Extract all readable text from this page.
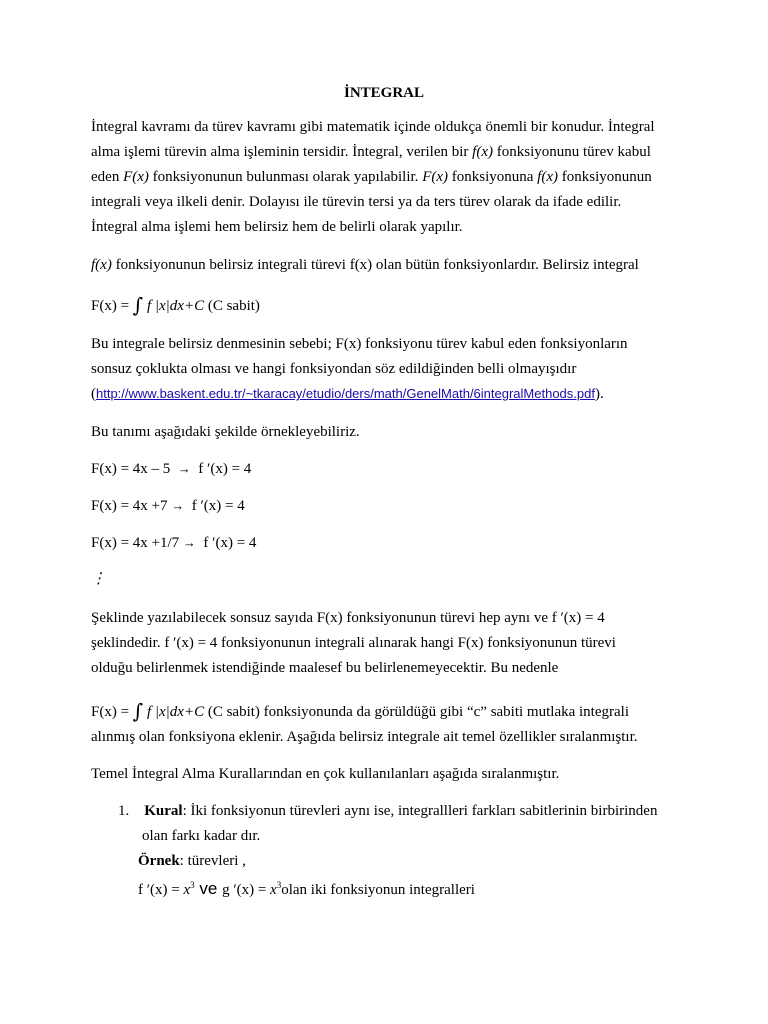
İNTEGRAL
İntegral kavramı da türev kavramı gibi matematik içinde oldukça önemli bir konudur. İntegral
alma işlemi türevin alma işleminin tersidir. İntegral, verilen bir f(x) fonksiyonunu türev kabul
eden F(x) fonksiyonunun bulunması olarak yapılabilir. F(x) fonksiyonuna f(x) fonksiyonunun
integrali veya ilkeli denir. Dolayısı ile türevin tersi ya da ters türev olarak da ifade edilir.
İntegral alma işlemi hem belirsiz hem de belirli olarak yapılır.
f(x) fonksiyonunun belirsiz integrali türevi f(x) olan bütün fonksiyonlardır. Belirsiz integral
F(x) = ∫ f |x|dx+C (C sabit)
Bu integrale belirsiz denmesinin sebebi; F(x) fonksiyonu türev kabul eden fonksiyonların
sonsuz çoklukta olması ve hangi fonksiyondan söz edildiğinden belli olmayışıdır
(http://www.baskent.edu.tr/~tkaracay/etudio/ders/math/GenelMath/6integralMethods.pdf).
Bu tanımı aşağıdaki şekilde örnekleyebiliriz.
F(x) = 4x – 5 → f ′(x) = 4
F(x) = 4x +7 → f ′(x) = 4
F(x) = 4x +1/7 → f ′(x) = 4
⋮
Şeklinde yazılabilecek sonsuz sayıda F(x) fonksiyonunun türevi hep aynı ve f ′(x) = 4
şeklindedir. f ′(x) = 4 fonksiyonunun integrali alınarak hangi F(x) fonksiyonunun türevi
olduğu belirlenmek istendiğinde maalesef bu belirlenemeyecektir. Bu nedenle
F(x) = ∫ f |x|dx+C (C sabit) fonksiyonunda da görüldüğü gibi “c” sabiti mutlaka integrali
alınmış olan fonksiyona eklenir. Aşağıda belirsiz integrale ait temel özellikler sıralanmıştır.
Temel İntegral Alma Kurallarından en çok kullanılanları aşağıda sıralanmıştır.
1. Kural: İki fonksiyonun türevleri aynı ise, integrallleri farkları sabitlerinin birbirinden
olan farkı kadar dır.
Örnek: türevleri ,
f $'(x) = x^3$ ve g $'(x) = x^3olan$ iki fonksiyonun integralleri
